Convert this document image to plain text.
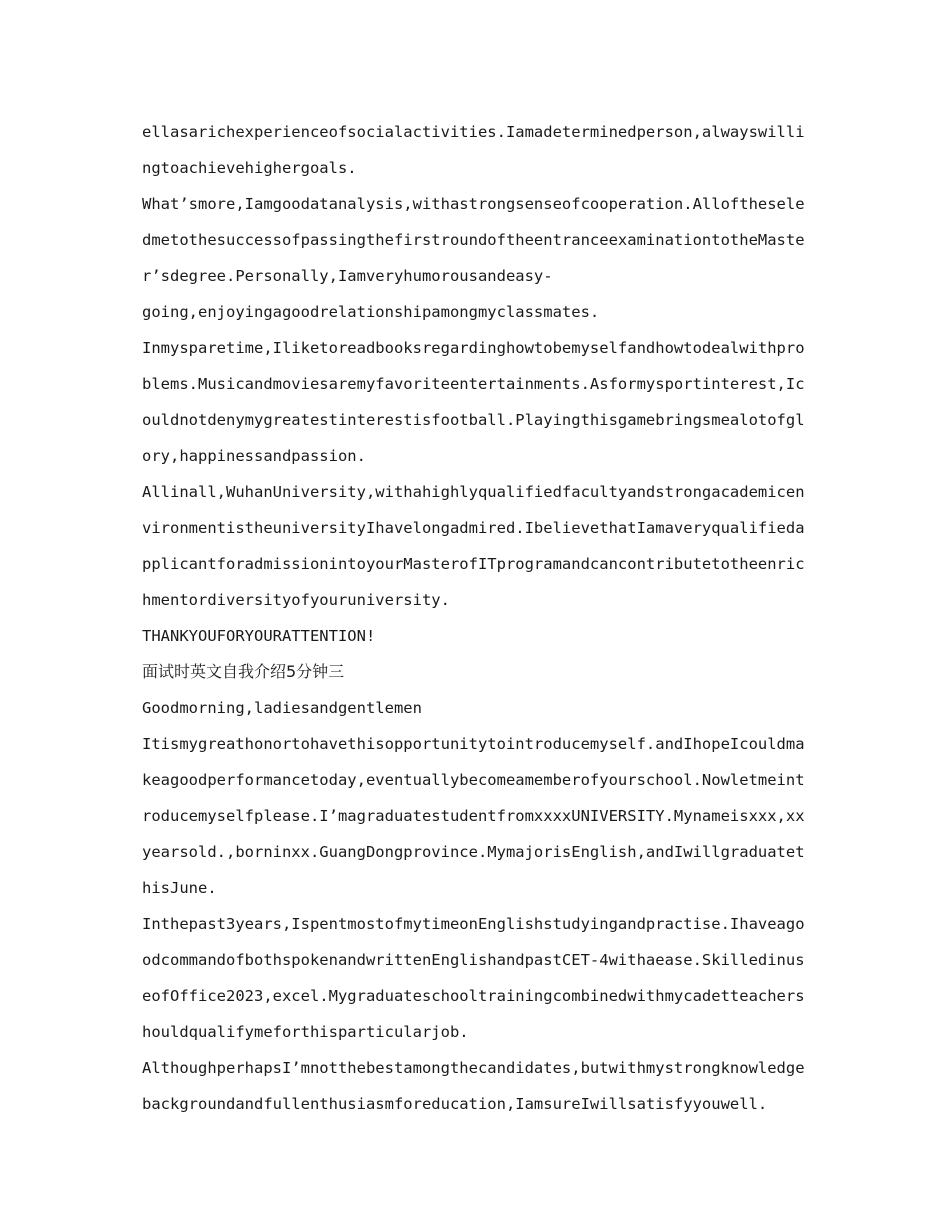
ellasarichexperienceofsocialactivities.Iamadeterminedperson,alwayswilli
ngtoachievehighergoals.
What’smore,Iamgoodatanalysis,withastrongsenseofcooperation.Allofthesele
dmetothesuccessofpassingthefirstroundoftheentranceexaminationtotheMaste
r’sdegree.Personally,Iamveryhumorousandeasy-
going,enjoyingagoodrelationshipamongmyclassmates.
Inmysparetime,Iliketoreadbooksregardinghowtobemyselfandhowtodealwithpro
blems.Musicandmoviesaremyfavoriteentertainments.Asformysportinterest,Ic
ouldnotdenymygreatestinterestisfootball.Playingthisgamebringsmealotofgl
ory,happinessandpassion.
Allinall,WuhanUniversity,withahighlyqualifiedfacultyandstrongacademicen
vironmentistheuniversityIhavelongadmired.IbelievethatIamaveryqualifieda
pplicantforadmissionintoyourMasterofITprogramandcancontributetotheenric
hmentordiversityofyouruniversity.
THANKYOUFORYOURATTENTION!
面试时英文自我介绍5分钟三
Goodmorning,ladiesandgentlemen
Itismygreathonortohavethisopportunitytointroducemyself.andIhopeIcouldma
keagoodperformancetoday,eventuallybecomeamemberofyourschool.Nowletmeint
roducemyselfplease.I’magraduatestudentfromxxxxUNIVERSITY.Mynameisxxx,xx
yearsold.,borninxx.GuangDongprovince.MymajorisEnglish,andIwillgraduatet
hisJune.
Inthepast3years,IspentmostofmytimeonEnglishstudyingandpractise.Ihaveago
odcommandofbothspokenandwrittenEnglishandpastCET-4withaease.Skilledinus
eofOffice2023,excel.Mygraduateschooltrainingcombinedwithmycadetteachers
houldqualifymeforthisparticularjob.
AlthoughperhapsI’mnotthebestamongthecandidates,butwithmystrongknowledge
backgroundandfullenthusiasmforeducation,IamsureIwillsatisfyyouwell.
